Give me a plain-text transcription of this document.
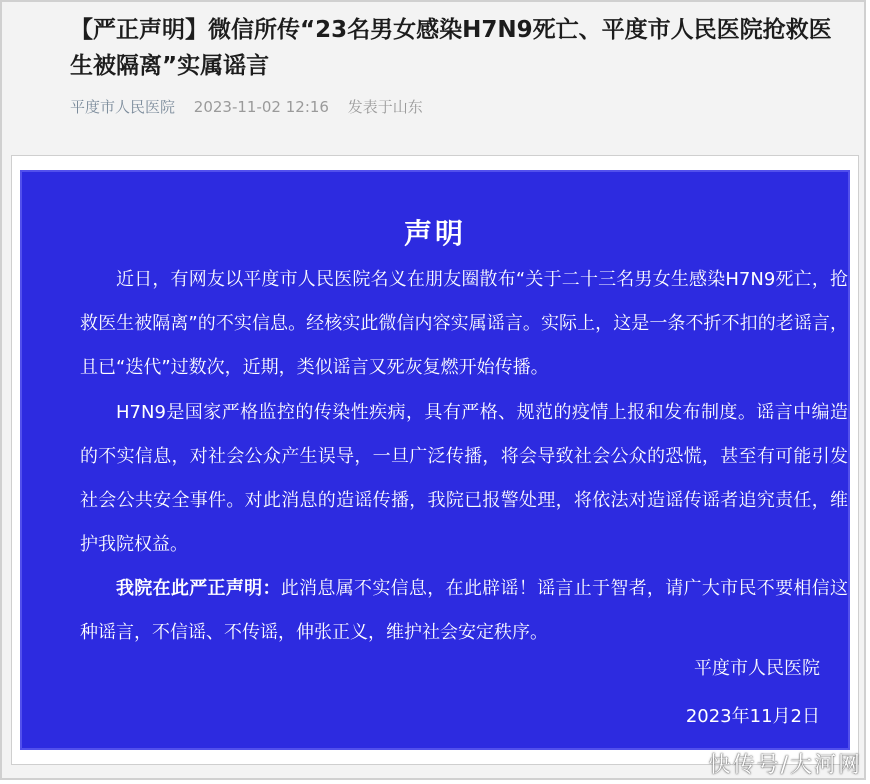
【严正声明】微信所传“23名男女感染H7N9死亡、平度市人民医院抢救医生被隔离”实属谣言
平度市人民医院 2023-11-02 12:16 发表于山东
声明

近日，有网友以平度市人民医院名义在朋友圈散布“关于二十三名男女生感染H7N9死亡，抢救医生被隔离”的不实信息。经核实此微信内容实属谣言。实际上，这是一条不折不扣的老谣言，且已“迭代”过数次，近期，类似谣言又死灰复燃开始传播。

H7N9是国家严格监控的传染性疾病，具有严格、规范的疫情上报和发布制度。谣言中编造的不实信息，对社会公众产生误导，一旦广泛传播，将会导致社会公众的恐慌，甚至有可能引发社会公共安全事件。对此消息的造谣传播，我院已报警处理，将依法对造谣传谣者追究责任，维护我院权益。

我院在此严正声明：此消息属不实信息，在此辟谣！谣言止于智者，请广大市民不要相信这种谣言，不信谣、不传谣，伸张正义，维护社会安定秩序。

平度市人民医院
2023年11月2日
快传号/大河网
